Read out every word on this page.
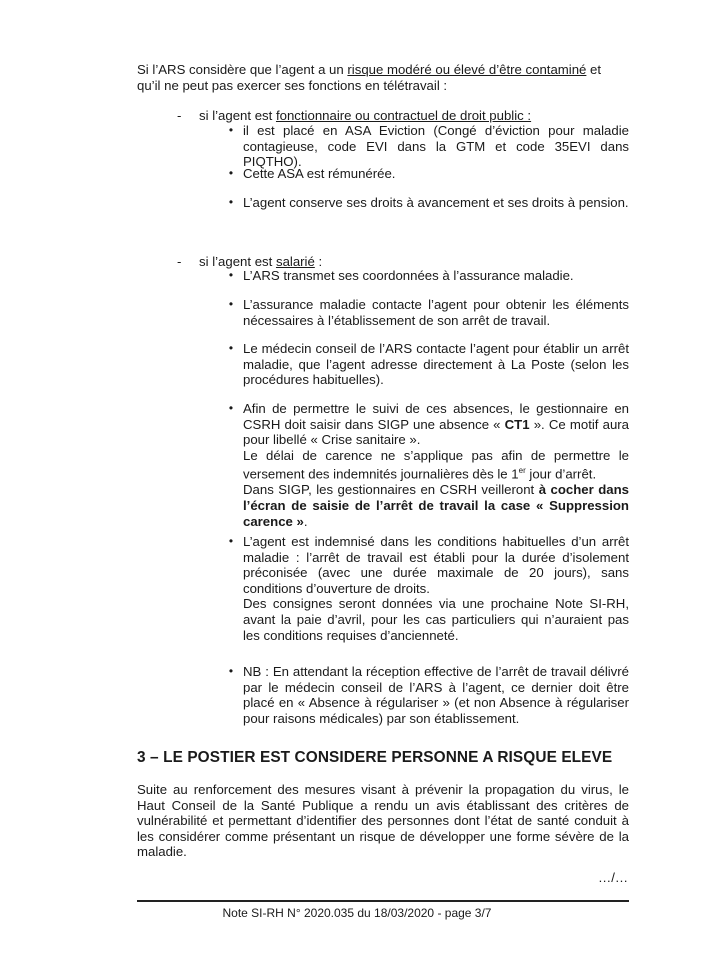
Si l’ARS considère que l’agent a un risque modéré ou élevé d’être contaminé et
qu’il ne peut pas exercer ses fonctions en télétravail :
- si l’agent est fonctionnaire ou contractuel de droit public :
• il est placé en ASA Eviction (Congé d’éviction pour maladie contagieuse, code EVI dans la GTM et code 35EVI dans PIQTHO).
• Cette ASA est rémunérée.
• L’agent conserve ses droits à avancement et ses droits à pension.
- si l’agent est salarié :
• L’ARS transmet ses coordonnées à l’assurance maladie.
• L’assurance maladie contacte l’agent pour obtenir les éléments nécessaires à l’établissement de son arrêt de travail.
• Le médecin conseil de l’ARS contacte l’agent pour établir un arrêt maladie, que l’agent adresse directement à La Poste (selon les procédures habituelles).
• Afin de permettre le suivi de ces absences, le gestionnaire en CSRH doit saisir dans SIGP une absence « CT1 ». Ce motif aura pour libellé « Crise sanitaire ».

Le délai de carence ne s’applique pas afin de permettre le versement des indemnités journalières dès le 1er jour d’arrêt.

Dans SIGP, les gestionnaires en CSRH veilleront à cocher dans l’écran de saisie de l’arrêt de travail la case « Suppression carence ».

• L’agent est indemnisé dans les conditions habituelles d’un arrêt maladie : l’arrêt de travail est établi pour la durée d’isolement préconisée (avec une durée maximale de 20 jours), sans conditions d’ouverture de droits.

Des consignes seront données via une prochaine Note SI-RH, avant la paie d’avril, pour les cas particuliers qui n’auraient pas les conditions requises d’ancienneté.

• NB : En attendant la réception effective de l’arrêt de travail délivré par le médecin conseil de l’ARS à l’agent, ce dernier doit être placé en « Absence à régulariser » (et non Absence à régulariser pour raisons médicales) par son établissement.
3 – LE POSTIER EST CONSIDERE PERSONNE A RISQUE ELEVE
Suite au renforcement des mesures visant à prévenir la propagation du virus, le Haut Conseil de la Santé Publique a rendu un avis établissant des critères de vulnérabilité et permettant d’identifier des personnes dont l’état de santé conduit à les considérer comme présentant un risque de développer une forme sévère de la maladie.
…/…
Note SI-RH N° 2020.035 du 18/03/2020 - page 3/7
